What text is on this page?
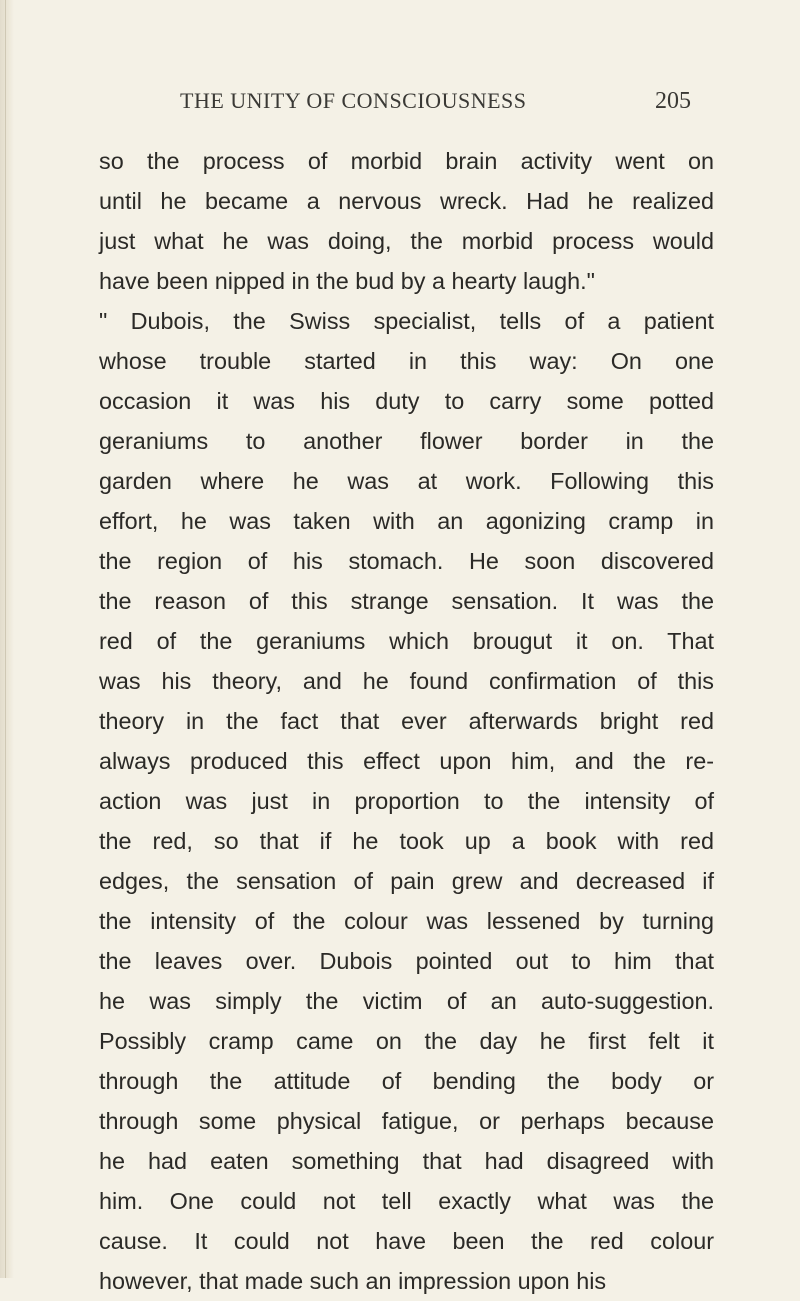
THE UNITY OF CONSCIOUSNESS	205
so the process of morbid brain activity went on
until he became a nervous wreck. Had he realized
just what he was doing, the morbid process would
have been nipped in the bud by a hearty laugh."
" Dubois, the Swiss specialist, tells of a patient
whose trouble started in this way: On one
occasion it was his duty to carry some potted
geraniums to another flower border in the
garden where he was at work. Following this
effort, he was taken with an agonizing cramp in
the region of his stomach. He soon discovered
the reason of this strange sensation. It was the
red of the geraniums which brougut it on. That
was his theory, and he found confirmation of this
theory in the fact that ever afterwards bright red
always produced this effect upon him, and the re-
action was just in proportion to the intensity of
the red, so that if he took up a book with red
edges, the sensation of pain grew and decreased if
the intensity of the colour was lessened by turning
the leaves over. Dubois pointed out to him that
he was simply the victim of an auto-suggestion.
Possibly cramp came on the day he first felt it
through the attitude of bending the body or
through some physical fatigue, or perhaps because
he had eaten something that had disagreed with
him. One could not tell exactly what was the
cause. It could not have been the red colour
however, that made such an impression upon his
